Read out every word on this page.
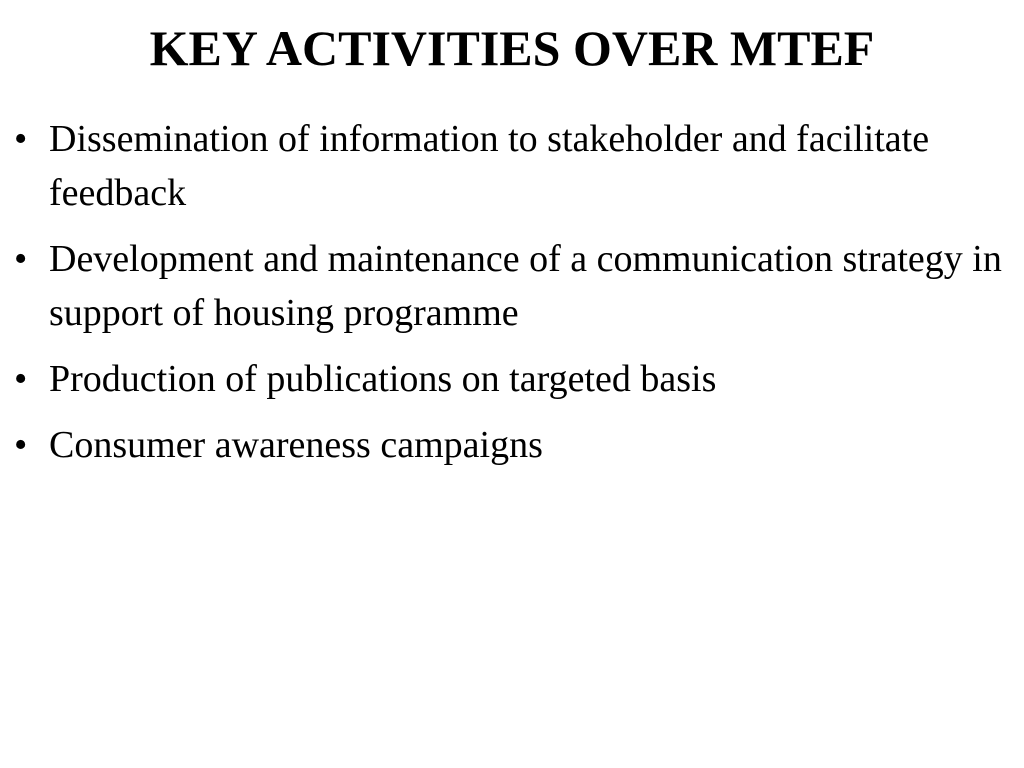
KEY ACTIVITIES OVER MTEF
• Dissemination of information to stakeholder and facilitate feedback
• Development and maintenance of a communication strategy in support of housing programme
• Production of publications on targeted basis
• Consumer awareness campaigns
